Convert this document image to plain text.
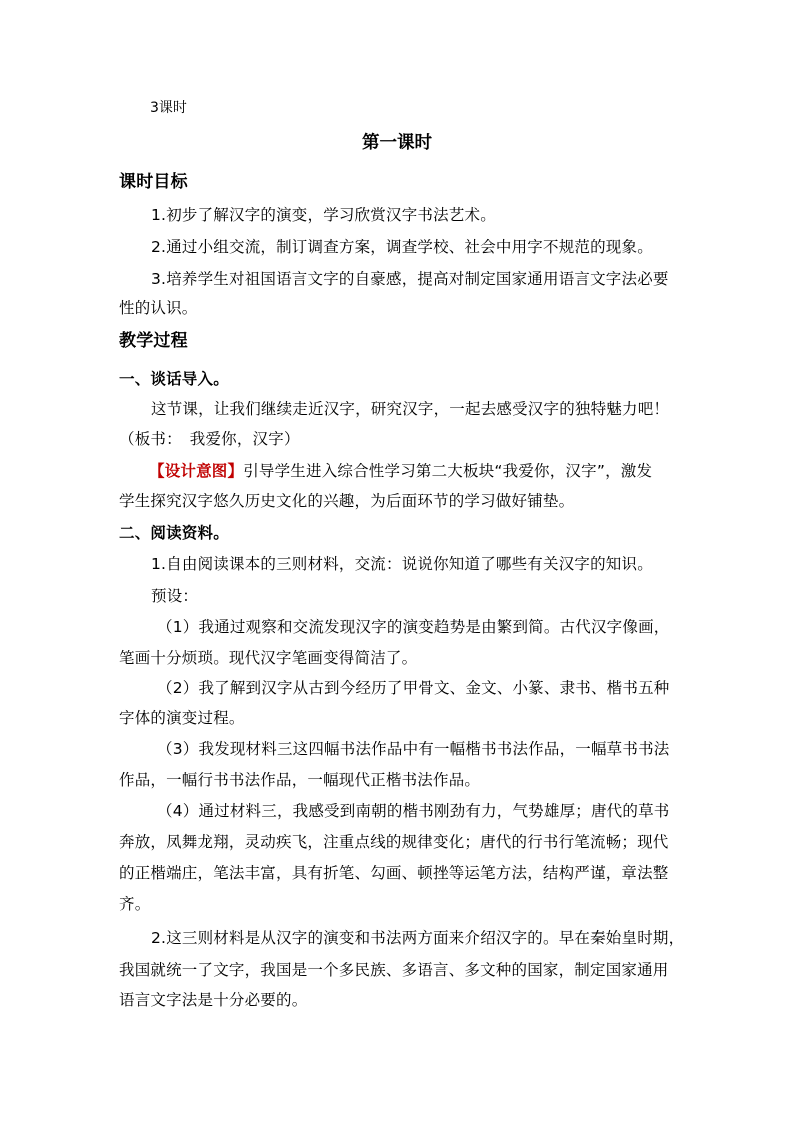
3课时
第一课时
课时目标
1.初步了解汉字的演变，学习欣赏汉字书法艺术。
2.通过小组交流，制订调查方案，调查学校、社会中用字不规范的现象。
3.培养学生对祖国语言文字的自豪感，提高对制定国家通用语言文字法必要
性的认识。
教学过程
一、谈话导入。
这节课，让我们继续走近汉字，研究汉字，一起去感受汉字的独特魅力吧！
（板书：　我爱你，汉字）
【设计意图】引导学生进入综合性学习第二大板块“我爱你，汉字”，激发
学生探究汉字悠久历史文化的兴趣，为后面环节的学习做好铺垫。
二、阅读资料。
1.自由阅读课本的三则材料，交流：说说你知道了哪些有关汉字的知识。
预设：
（1）我通过观察和交流发现汉字的演变趋势是由繁到简。古代汉字像画，
笔画十分烦琐。现代汉字笔画变得简洁了。
（2）我了解到汉字从古到今经历了甲骨文、金文、小篆、隶书、楷书五种
字体的演变过程。
（3）我发现材料三这四幅书法作品中有一幅楷书书法作品，一幅草书书法
作品，一幅行书书法作品，一幅现代正楷书法作品。
（4）通过材料三，我感受到南朝的楷书刚劲有力，气势雄厚；唐代的草书
奔放，凤舞龙翔，灵动疾飞，注重点线的规律变化；唐代的行书行笔流畅；现代
的正楷端庄，笔法丰富，具有折笔、勾画、顿挫等运笔方法，结构严谨，章法整
齐。
2.这三则材料是从汉字的演变和书法两方面来介绍汉字的。早在秦始皇时期，
我国就统一了文字，我国是一个多民族、多语言、多文种的国家，制定国家通用
语言文字法是十分必要的。
